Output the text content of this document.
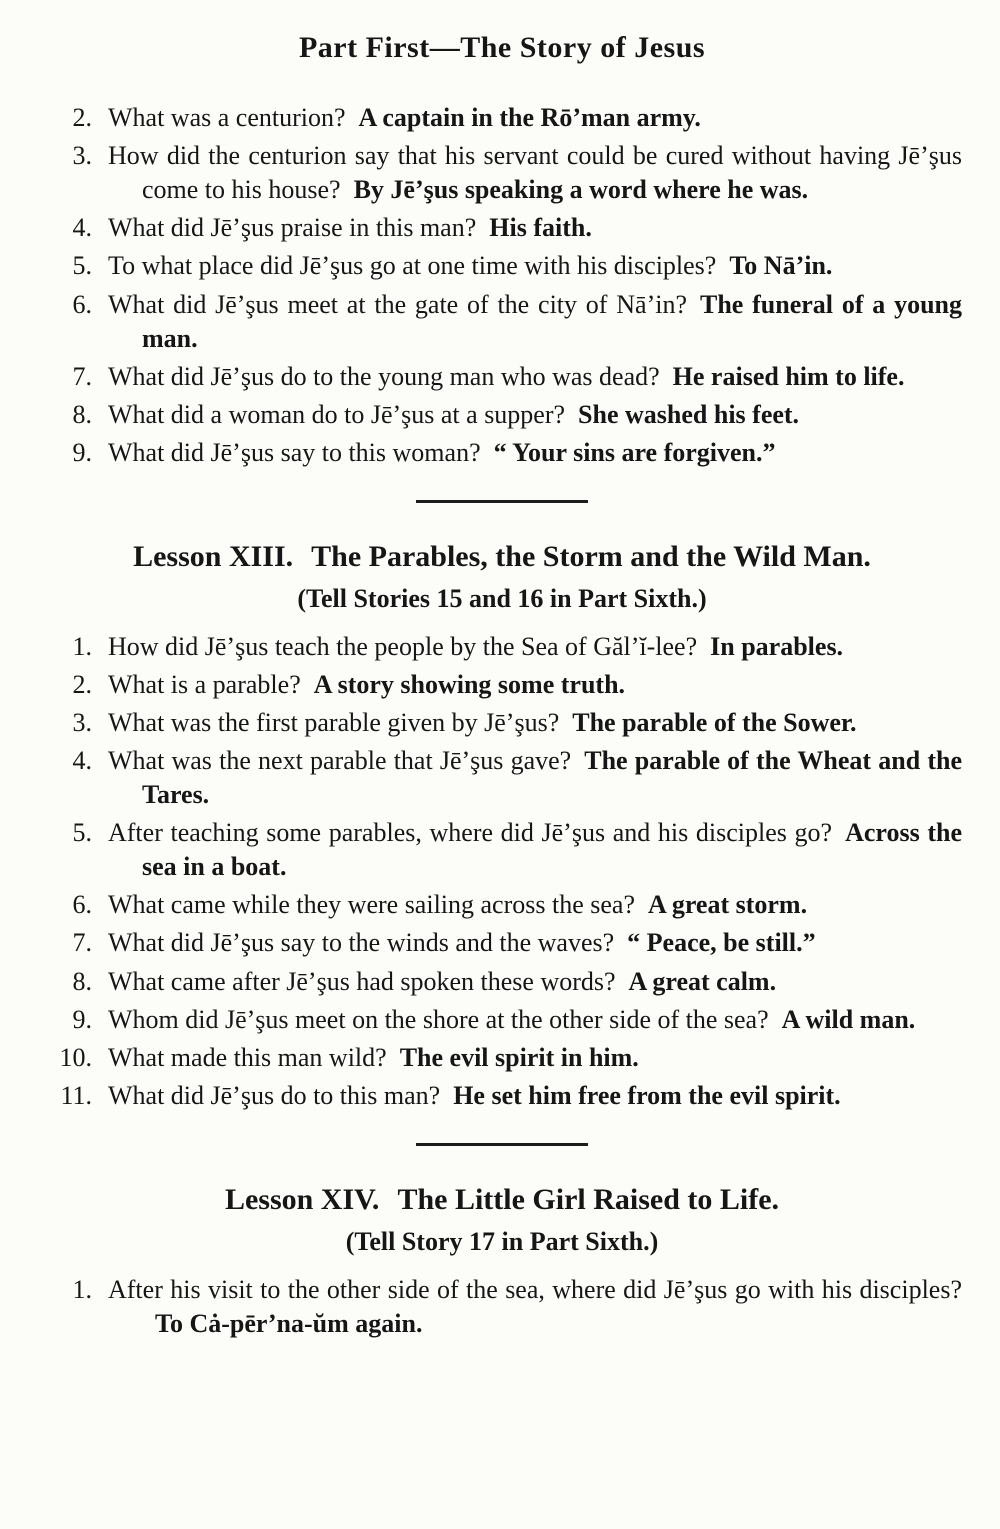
Part First—The Story of Jesus
2. What was a centurion? A captain in the Rō’man army.

3. How did the centurion say that his servant could be cured without having Jē’şus come to his house? By Jē’şus speaking a word where he was.

4. What did Jē’şus praise in this man? His faith.

5. To what place did Jē’şus go at one time with his disciples? To Nā’in.

6. What did Jē’şus meet at the gate of the city of Nā’in? The funeral of a young man.

7. What did Jē’şus do to the young man who was dead? He raised him to life.

8. What did a woman do to Jē’şus at a supper? She washed his feet.

9. What did Jē’şus say to this woman? “ Your sins are forgiven.”

Lesson XIII. The Parables, the Storm and the Wild Man.
(Tell Stories 15 and 16 in Part Sixth.)
1. How did Jē’şus teach the people by the Sea of Găl’ĭ-lee? In parables.

2. What is a parable? A story showing some truth.

3. What was the first parable given by Jē’şus? The parable of the Sower.

4. What was the next parable that Jē’şus gave? The parable of the Wheat and the Tares.

5. After teaching some parables, where did Jē’şus and his disciples go? Across the sea in a boat.

6. What came while they were sailing across the sea? A great storm.

7. What did Jē’şus say to the winds and the waves? “ Peace, be still.”

8. What came after Jē’şus had spoken these words? A great calm.

9. Whom did Jē’şus meet on the shore at the other side of the sea? A wild man.

10. What made this man wild? The evil spirit in him.

11. What did Jē’şus do to this man? He set him free from the evil spirit.

Lesson XIV. The Little Girl Raised to Life.
(Tell Story 17 in Part Sixth.)
1. After his visit to the other side of the sea, where did Jē’şus go with his disciples?To Cȧ-pēr’na-ŭm again.
